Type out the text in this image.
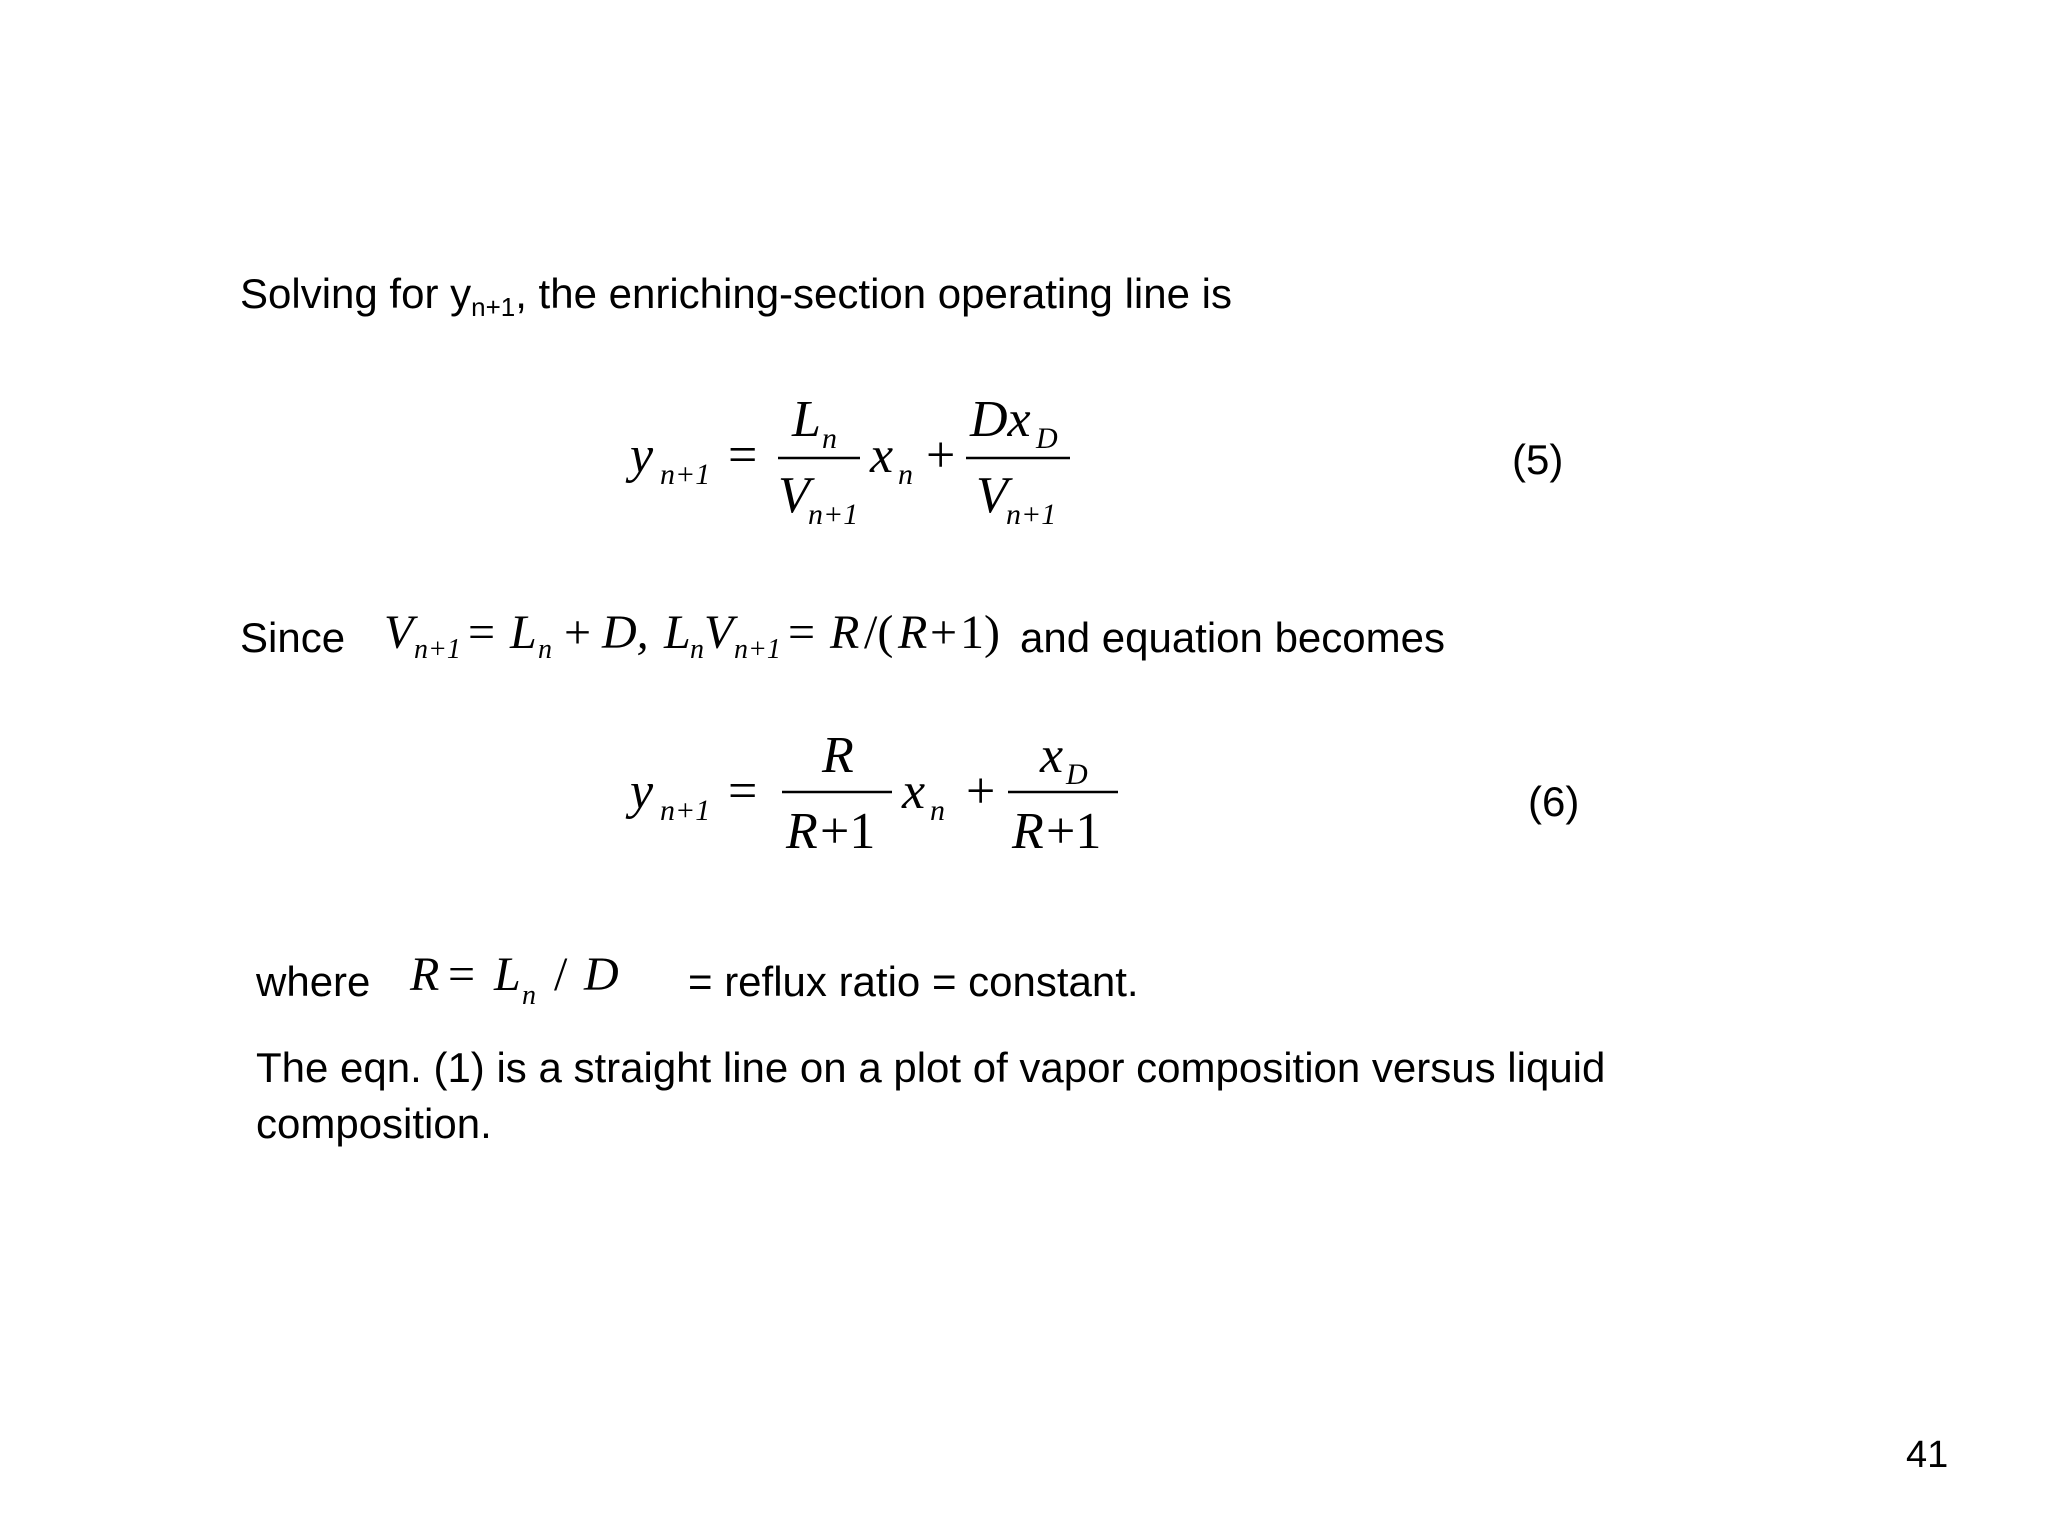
Solving for $y_{n+1}$, the enriching-section operating line is
y n+1 =
L n
V
n+1
x n +
Dx D
V
n+1
(5)
Since V n+1 = L n + D, L n V n+1 = R /( R + 1) and equation becomes
y n+1 =
R
R +1
x n +
x D
R +1
(6)
where R = L n / D = reflux ratio = constant.
The eqn. (1) is a straight line on a plot of vapor composition versus liquid composition.
41
